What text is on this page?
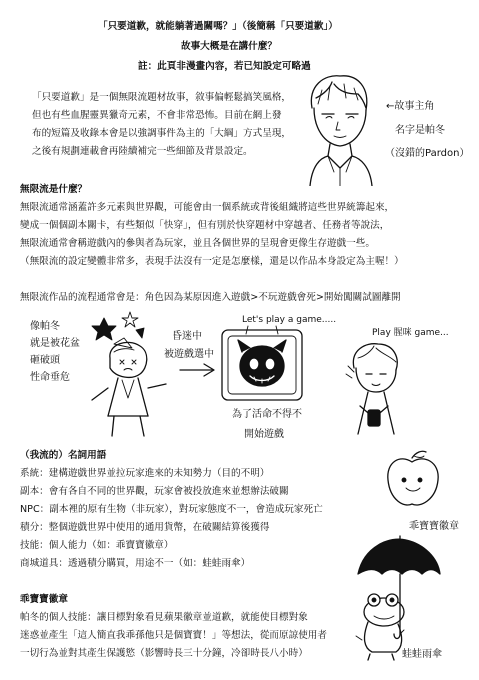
「只要道歉，就能躺著過關嗎？」（後簡稱「只要道歉」）
故事大概是在講什麼？
註：此頁非漫畫內容，若已知設定可略過
「只要道歉」是一個無限流題材故事，敘事偏輕鬆搞笑風格，
但也有些血腥靈異獵奇元素，不會非常恐怖。目前在網上發
布的短篇及收錄本會是以強調事件為主的「大綱」方式呈現，
之後有規劃連載會再陸續補完一些細節及背景設定。
←故事主角
名字是帕冬
（沒錯的Pardon）
無限流是什麼？
無限流通常涵蓋許多元素與世界觀，可能會由一個系統或背後組織將這些世界統籌起來，
變成一個個副本關卡，有些類似「快穿」，但有別於快穿題材中穿越者、任務者等說法，
無限流通常會稱遊戲內的參與者為玩家，並且各個世界的呈現會更像生存遊戲一些。
（無限流的設定變體非常多，表現手法沒有一定是怎麼樣，還是以作品本身設定為主喔！）
無限流作品的流程通常會是：角色因為某原因進入遊戲>不玩遊戲會死>開始闖關試圖離開
像帕冬
就是被花盆
砸破頭
性命垂危
昏迷中
被遊戲選中
Let's play a game.....
Play 腥咪 game...
為了活命不得不
開始遊戲
（我流的）名詞用語
系統：建構遊戲世界並拉玩家進來的未知勢力（目的不明）
副本：會有各自不同的世界觀，玩家會被投放進來並想辦法破關
NPC：副本裡的原有生物（非玩家），對玩家態度不一，會造成玩家死亡
積分：整個遊戲世界中使用的通用貨幣，在破關結算後獲得
技能：個人能力（如：乖寶寶徽章）
商城道具：透過積分購買，用途不一（如：蛙蛙雨傘）
乖寶寶徽章
蛙蛙雨傘
乖寶寶徽章
帕冬的個人技能：讓目標對象看見蘋果徽章並道歉，就能使目標對象
迷惑並產生「這人簡直我乖孫他只是個寶寶！」等想法，從而原諒使用者
一切行為並對其產生保護慾（影響時長三十分鐘，冷卻時長八小時）
